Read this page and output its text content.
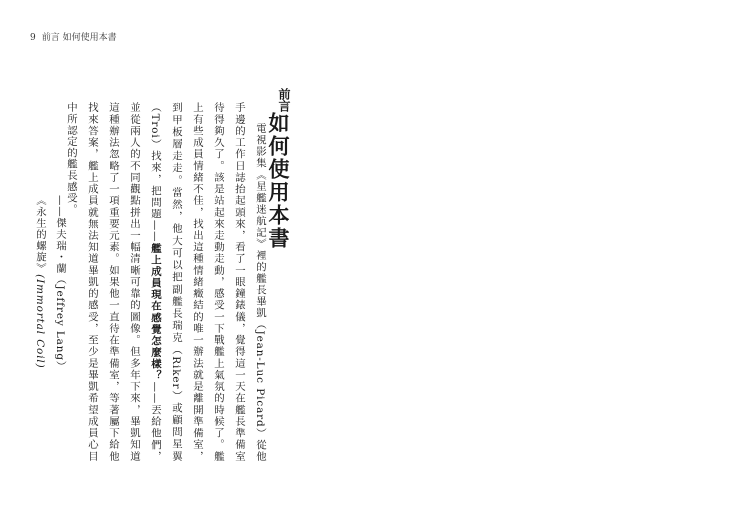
9 前言 如何使用本書
前言
如何使用本書

電視影集《星艦迷航記》裡的艦長畢凱（Jean-Luc Picard）從他手邊的工作日誌抬起頭來，看了一眼鐘錶儀，覺得這一天在艦長準備室待得夠久了。該是站起來走動走動，感受一下戰艦上氣氛的時候了。艦上有些成員情緒不佳，找出這種情緒癥結的唯一辦法就是離開準備室，到甲板層走走。當然，他大可以把副艦長瑞克（Riker）或顧問星翼（Troi）找來，把問題——艦上成員現在感覺怎麼樣？——丟給他們，並從兩人的不同觀點拼出一幅清晰可靠的圖像。但多年下來，畢凱知道這種辦法忽略了一項重要元素。如果他一直待在準備室，等著屬下給他找來答案，艦上成員就無法知道畢凱的感受，至少是畢凱希望成員心目中所認定的艦長感受。

——傑夫瑞・蘭（Jeffrey Lang）
《永生的螺旋》(Immortal Coil)
